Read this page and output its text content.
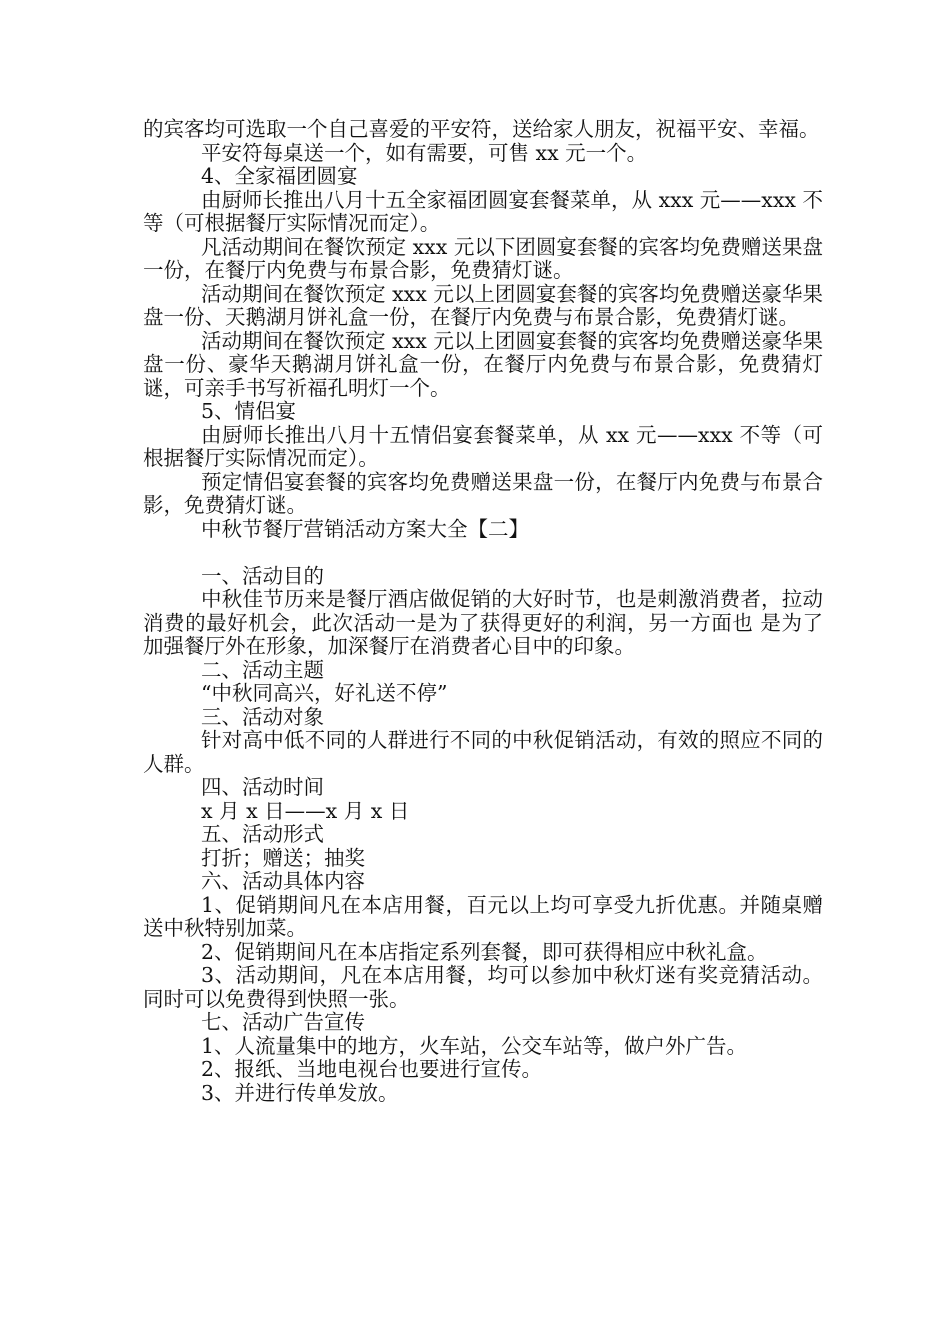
的宾客均可选取一个自己喜爱的平安符，送给家人朋友，祝福平安、幸福。

平安符每桌送一个，如有需要，可售 xx 元一个。

4、全家福团圆宴

由厨师长推出八月十五全家福团圆宴套餐菜单，从 xxx 元——xxx 不等（可根据餐厅实际情况而定）。

凡活动期间在餐饮预定 xxx 元以下团圆宴套餐的宾客均免费赠送果盘一份，在餐厅内免费与布景合影，免费猜灯谜。

活动期间在餐饮预定 xxx 元以上团圆宴套餐的宾客均免费赠送豪华果盘一份、天鹅湖月饼礼盒一份，在餐厅内免费与布景合影，免费猜灯谜。

活动期间在餐饮预定 xxx 元以上团圆宴套餐的宾客均免费赠送豪华果盘一份、豪华天鹅湖月饼礼盒一份，在餐厅内免费与布景合影，免费猜灯谜，可亲手书写祈福孔明灯一个。

5、情侣宴

由厨师长推出八月十五情侣宴套餐菜单，从 xx 元——xxx 不等（可根据餐厅实际情况而定）。

预定情侣宴套餐的宾客均免费赠送果盘一份，在餐厅内免费与布景合影，免费猜灯谜。

中秋节餐厅营销活动方案大全【二】

一、活动目的

中秋佳节历来是餐厅酒店做促销的大好时节，也是刺激消费者，拉动消费的最好机会，此次活动一是为了获得更好的利润，另一方面也 是为了加强餐厅外在形象，加深餐厅在消费者心目中的印象。

二、活动主题

“中秋同高兴，好礼送不停”

三、活动对象

针对高中低不同的人群进行不同的中秋促销活动，有效的照应不同的人群。

四、活动时间

x 月 x 日——x 月 x 日

五、活动形式

打折；赠送；抽奖

六、活动具体内容

1、促销期间凡在本店用餐，百元以上均可享受九折优惠。并随桌赠送中秋特别加菜。

2、促销期间凡在本店指定系列套餐，即可获得相应中秋礼盒。

3、活动期间，凡在本店用餐，均可以参加中秋灯迷有奖竞猜活动。同时可以免费得到快照一张。

七、活动广告宣传

1、人流量集中的地方，火车站，公交车站等，做户外广告。

2、报纸、当地电视台也要进行宣传。

3、并进行传单发放。
